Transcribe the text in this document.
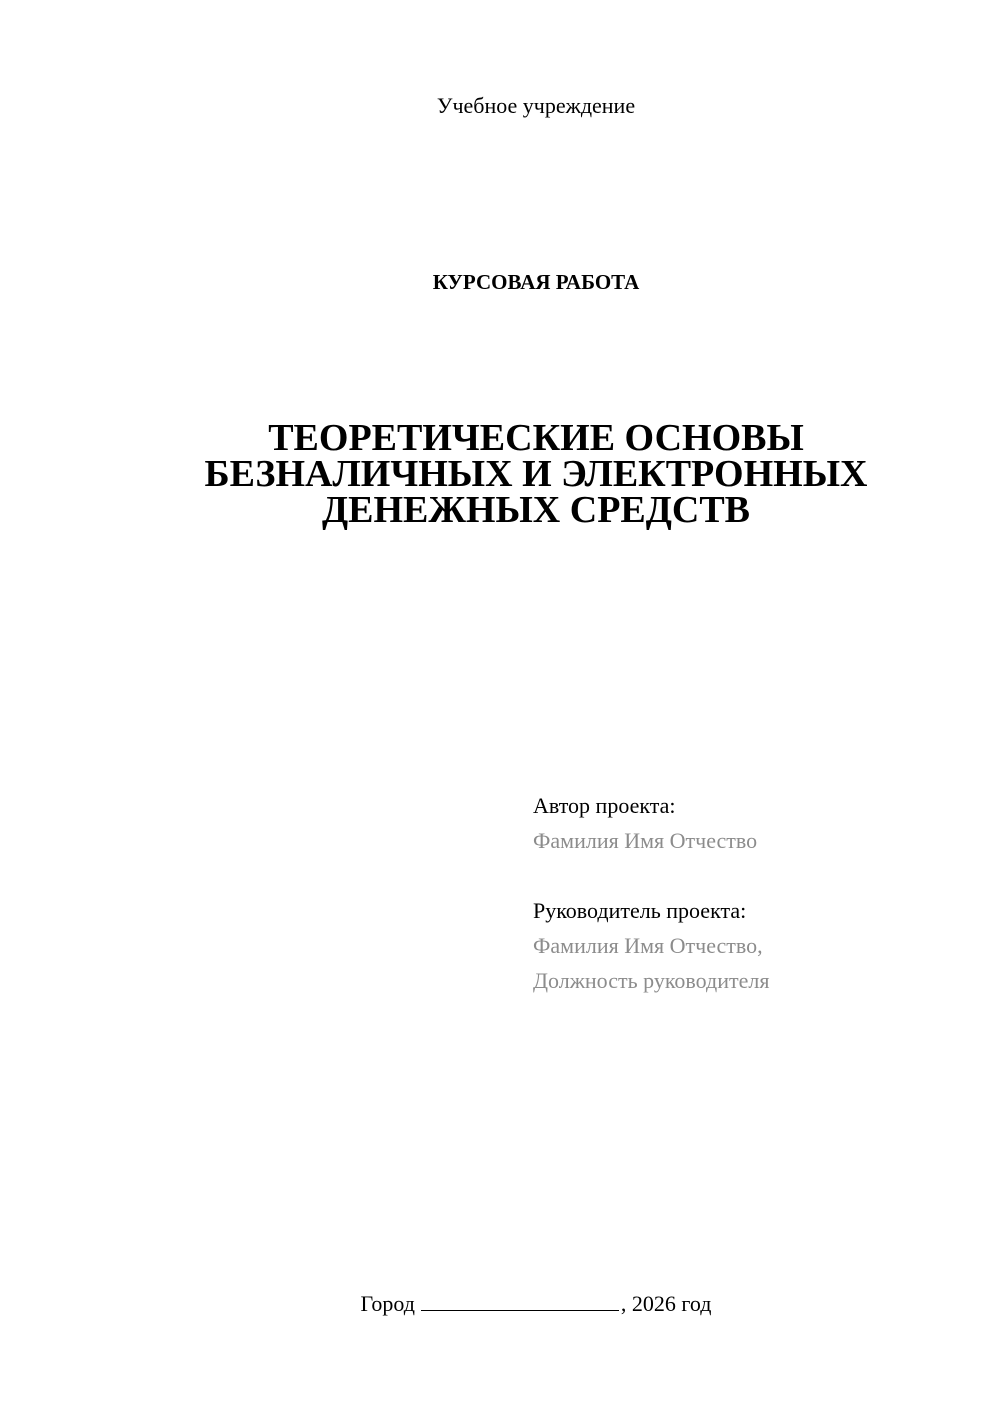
Учебное учреждение
КУРСОВАЯ РАБОТА
ТЕОРЕТИЧЕСКИЕ ОСНОВЫ
БЕЗНАЛИЧНЫХ И ЭЛЕКТРОННЫХ
ДЕНЕЖНЫХ СРЕДСТВ
Автор проекта:
Фамилия Имя Отчество
Руководитель проекта:
Фамилия Имя Отчество,
Должность руководителя
Город	, 2026 год
